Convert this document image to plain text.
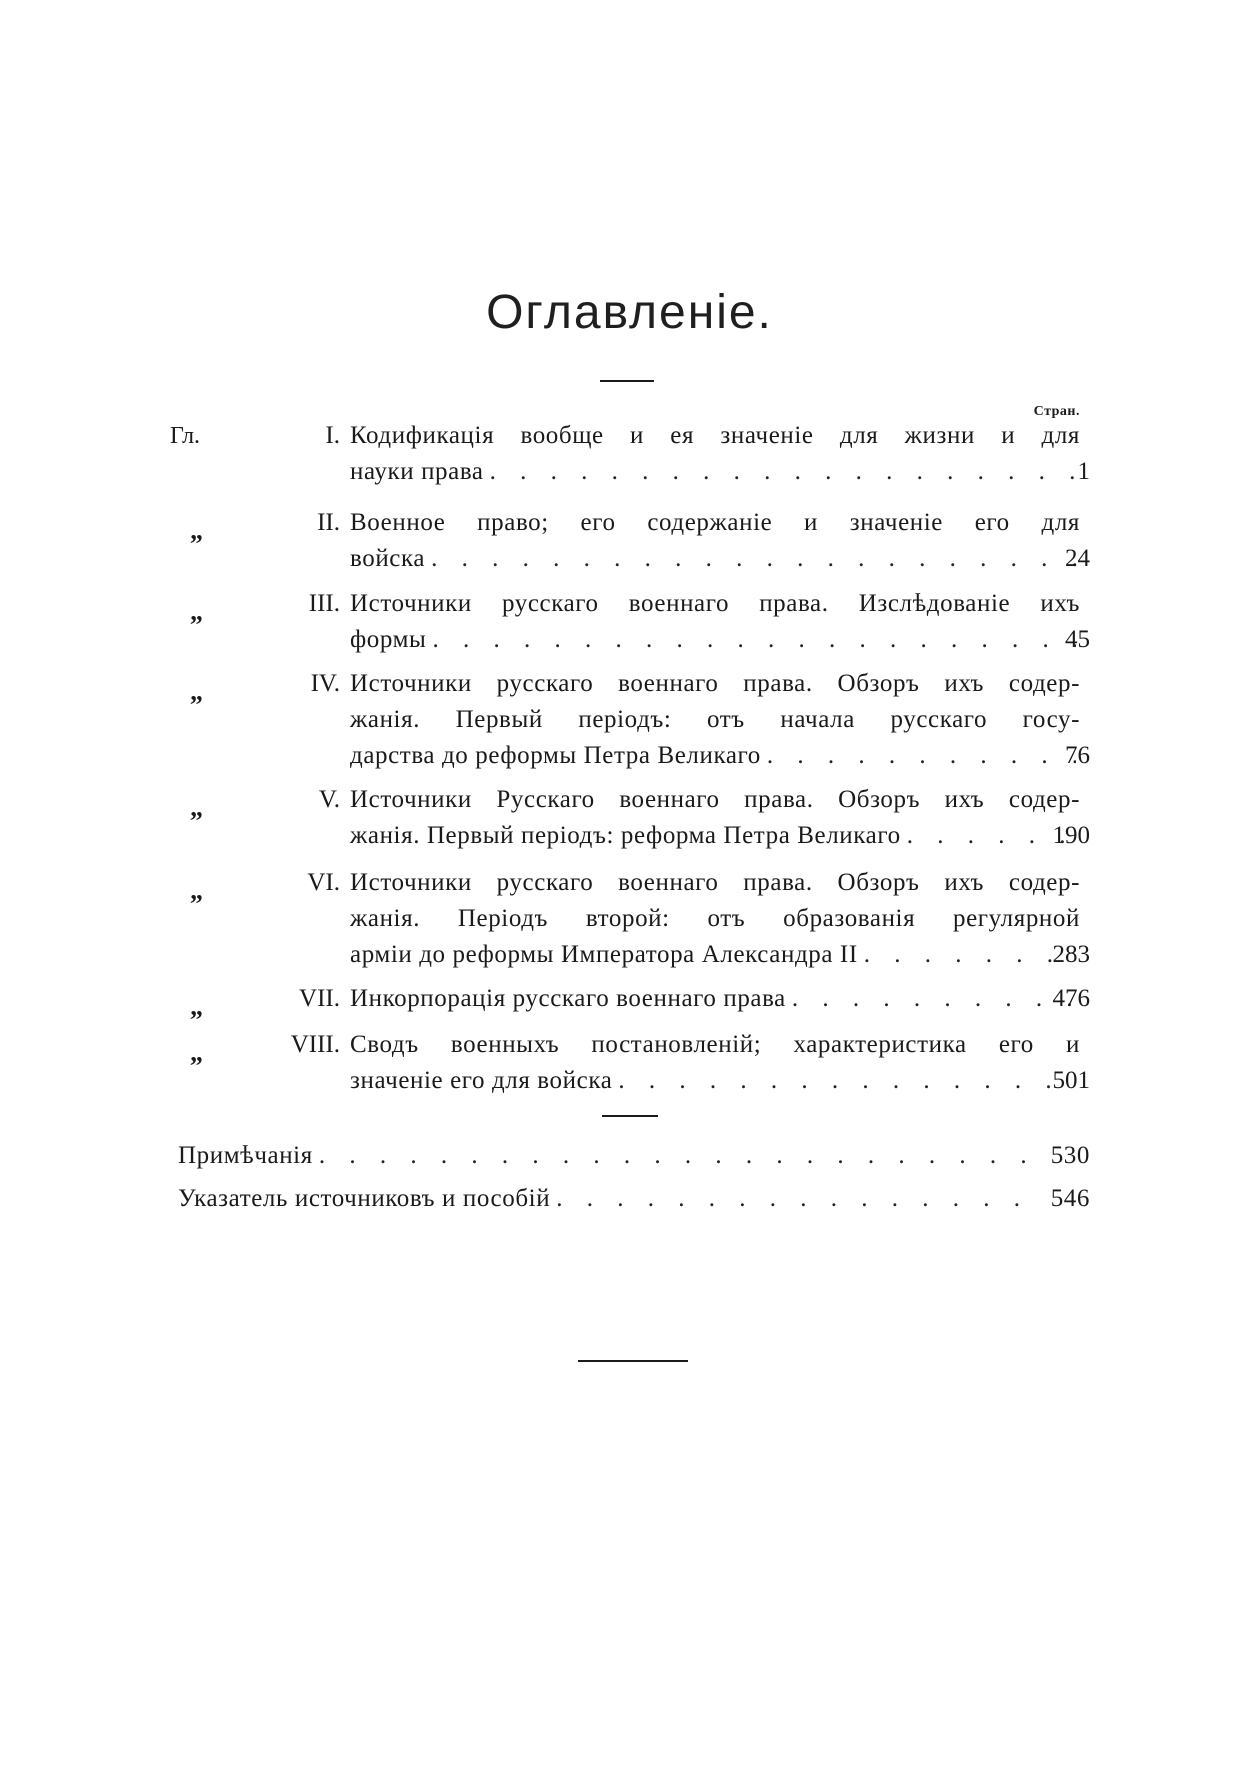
Оглавленіе.
Стран.
Гл.	I. Кодификація вообще и ея значеніе для жизни и для
науки права . . .	1
„	II. Военное право; его содержаніе и значеніе его для
войска . . .	24
„	III. Источники русскаго военнаго права. Изслѣдованіе ихъ
формы . . .	45
„	IV. Источники русскаго военнаго права. Обзоръ ихъ содер-
жанія. Первый періодъ: отъ начала русскаго госу-
дарства до реформы Петра Великаго . . .	76
„	V. Источники Русскаго военнаго права. Обзоръ ихъ содер-
жанія. Первый періодъ: реформа Петра Великаго . . .	190
„	VI. Источники русскаго военнаго права. Обзоръ ихъ содер-
жанія. Періодъ второй: отъ образованія регулярной
арміи до реформы Императора Александра II . . .	283
„	VII. Инкорпорація русскаго военнаго права . . .	476
„	VIII. Сводъ военныхъ постановленій; характеристика его и
значеніе его для войска . . .	501
Примѣчанія . . .	530
Указатель источниковъ и пособій . . .	546
